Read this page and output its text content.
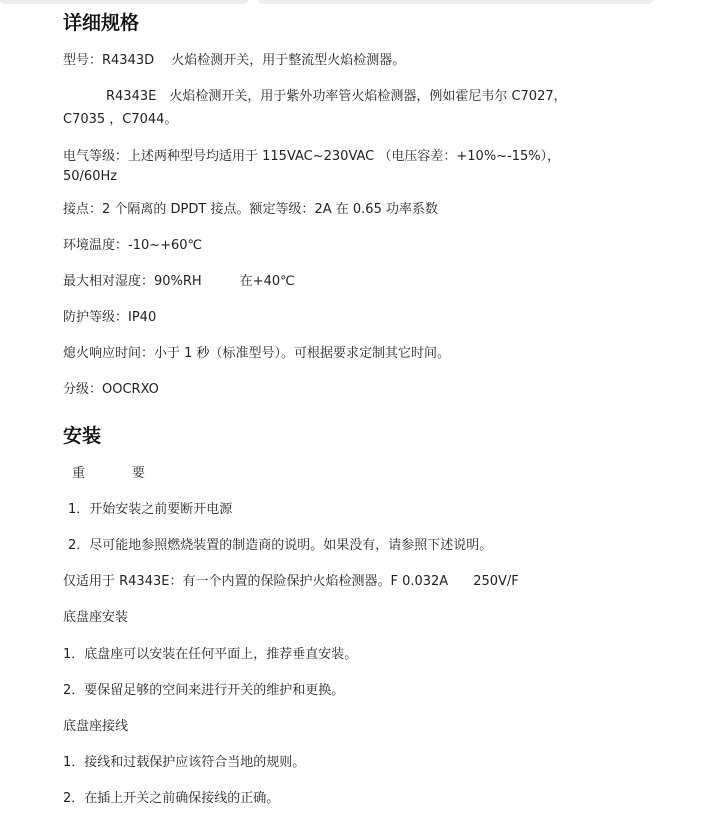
详细规格
型号：R4343D　 火焰检测开关，用于整流型火焰检测器。
R4343E　火焰检测开关，用于紫外功率管火焰检测器，例如霍尼韦尔 C7027，
C7035 ，C7044。
电气等级：上述两种型号均适用于 115VAC~230VAC （电压容差：+10%~-15%），
50/60Hz
接点：2 个隔离的 DPDT 接点。额定等级：2A 在 0.65 功率系数
环境温度：-10~+60℃
最大相对湿度：90%RH	在+40℃
防护等级：IP40
熄火响应时间：小于 1 秒（标准型号）。可根据要求定制其它时间。
分级：OOCRXO
安装
重	要
1．开始安装之前要断开电源
2．尽可能地参照燃烧装置的制造商的说明。如果没有，请参照下述说明。
仅适用于 R4343E：有一个内置的保险保护火焰检测器。F 0.032A 250V/F
底盘座安装
1．底盘座可以安装在任何平面上，推荐垂直安装。
2．要保留足够的空间来进行开关的维护和更换。
底盘座接线
1．接线和过载保护应该符合当地的规则。
2．在插上开关之前确保接线的正确。
